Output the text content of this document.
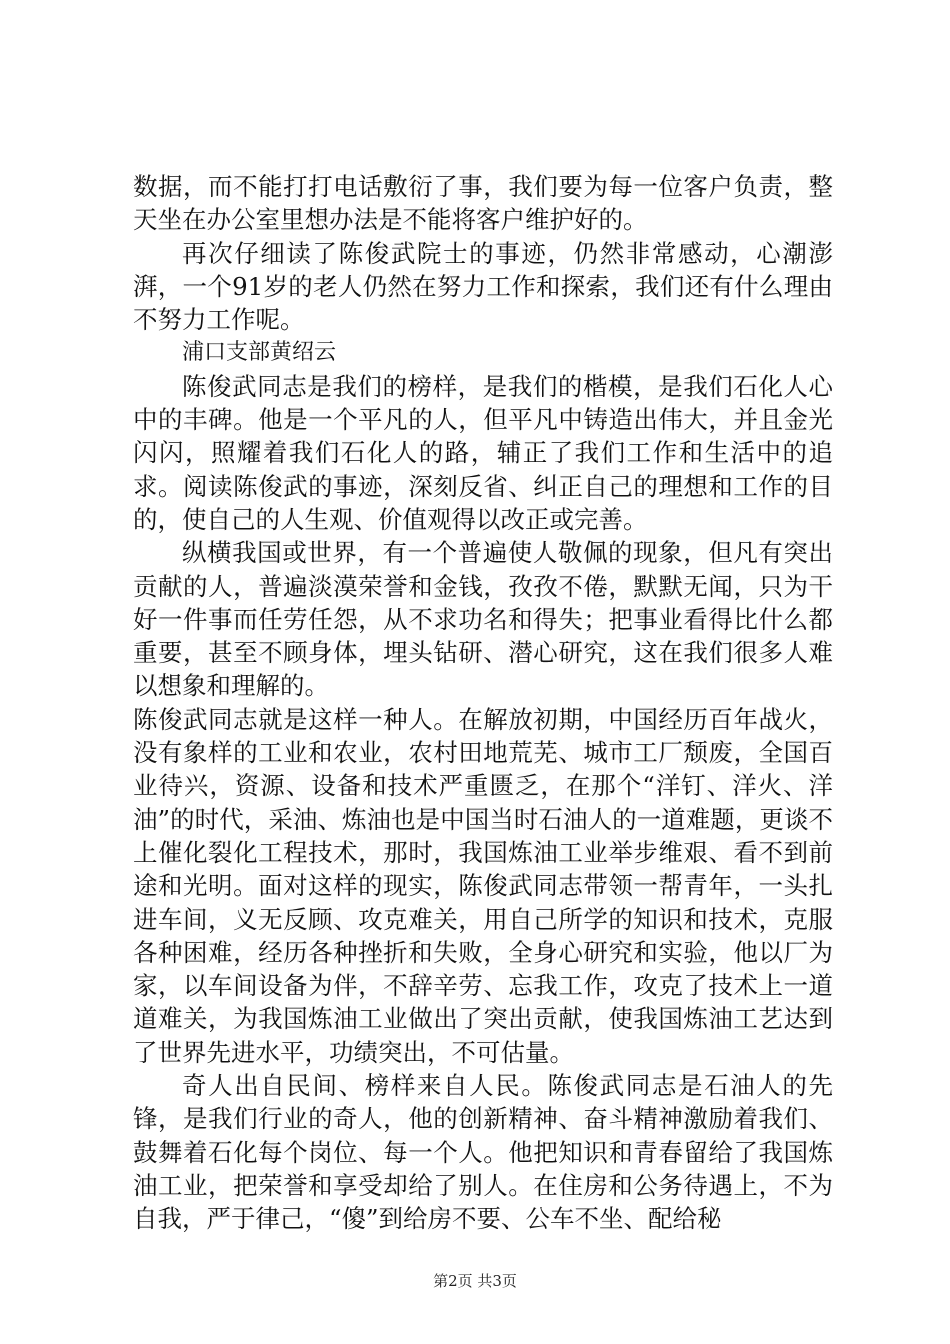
数据，而不能打打电话敷衍了事，我们要为每一位客户负责，整天坐在办公室里想办法是不能将客户维护好的。

再次仔细读了陈俊武院士的事迹，仍然非常感动，心潮澎湃，一个91岁的老人仍然在努力工作和探索，我们还有什么理由不努力工作呢。

浦口支部黄绍云

陈俊武同志是我们的榜样，是我们的楷模，是我们石化人心中的丰碑。他是一个平凡的人，但平凡中铸造出伟大，并且金光闪闪，照耀着我们石化人的路，辅正了我们工作和生活中的追求。阅读陈俊武的事迹，深刻反省、纠正自己的理想和工作的目的，使自己的人生观、价值观得以改正或完善。

纵横我国或世界，有一个普遍使人敬佩的现象，但凡有突出贡献的人，普遍淡漠荣誉和金钱，孜孜不倦，默默无闻，只为干好一件事而任劳任怨，从不求功名和得失；把事业看得比什么都重要，甚至不顾身体，埋头钻研、潜心研究，这在我们很多人难以想象和理解的。

陈俊武同志就是这样一种人。在解放初期，中国经历百年战火，没有象样的工业和农业，农村田地荒芜、城市工厂颓废，全国百业待兴，资源、设备和技术严重匮乏，在那个“洋钉、洋火、洋油”的时代，采油、炼油也是中国当时石油人的一道难题，更谈不上催化裂化工程技术，那时，我国炼油工业举步维艰、看不到前途和光明。面对这样的现实，陈俊武同志带领一帮青年，一头扎进车间，义无反顾、攻克难关，用自己所学的知识和技术，克服各种困难，经历各种挫折和失败，全身心研究和实验，他以厂为家，以车间设备为伴，不辞辛劳、忘我工作，攻克了技术上一道道难关，为我国炼油工业做出了突出贡献，使我国炼油工艺达到了世界先进水平，功绩突出，不可估量。

奇人出自民间、榜样来自人民。陈俊武同志是石油人的先锋，是我们行业的奇人，他的创新精神、奋斗精神激励着我们、鼓舞着石化每个岗位、每一个人。他把知识和青春留给了我国炼油工业，把荣誉和享受却给了别人。在住房和公务待遇上，不为自我，严于律己，“傻”到给房不要、公车不坐、配给秘

第2页 共3页
